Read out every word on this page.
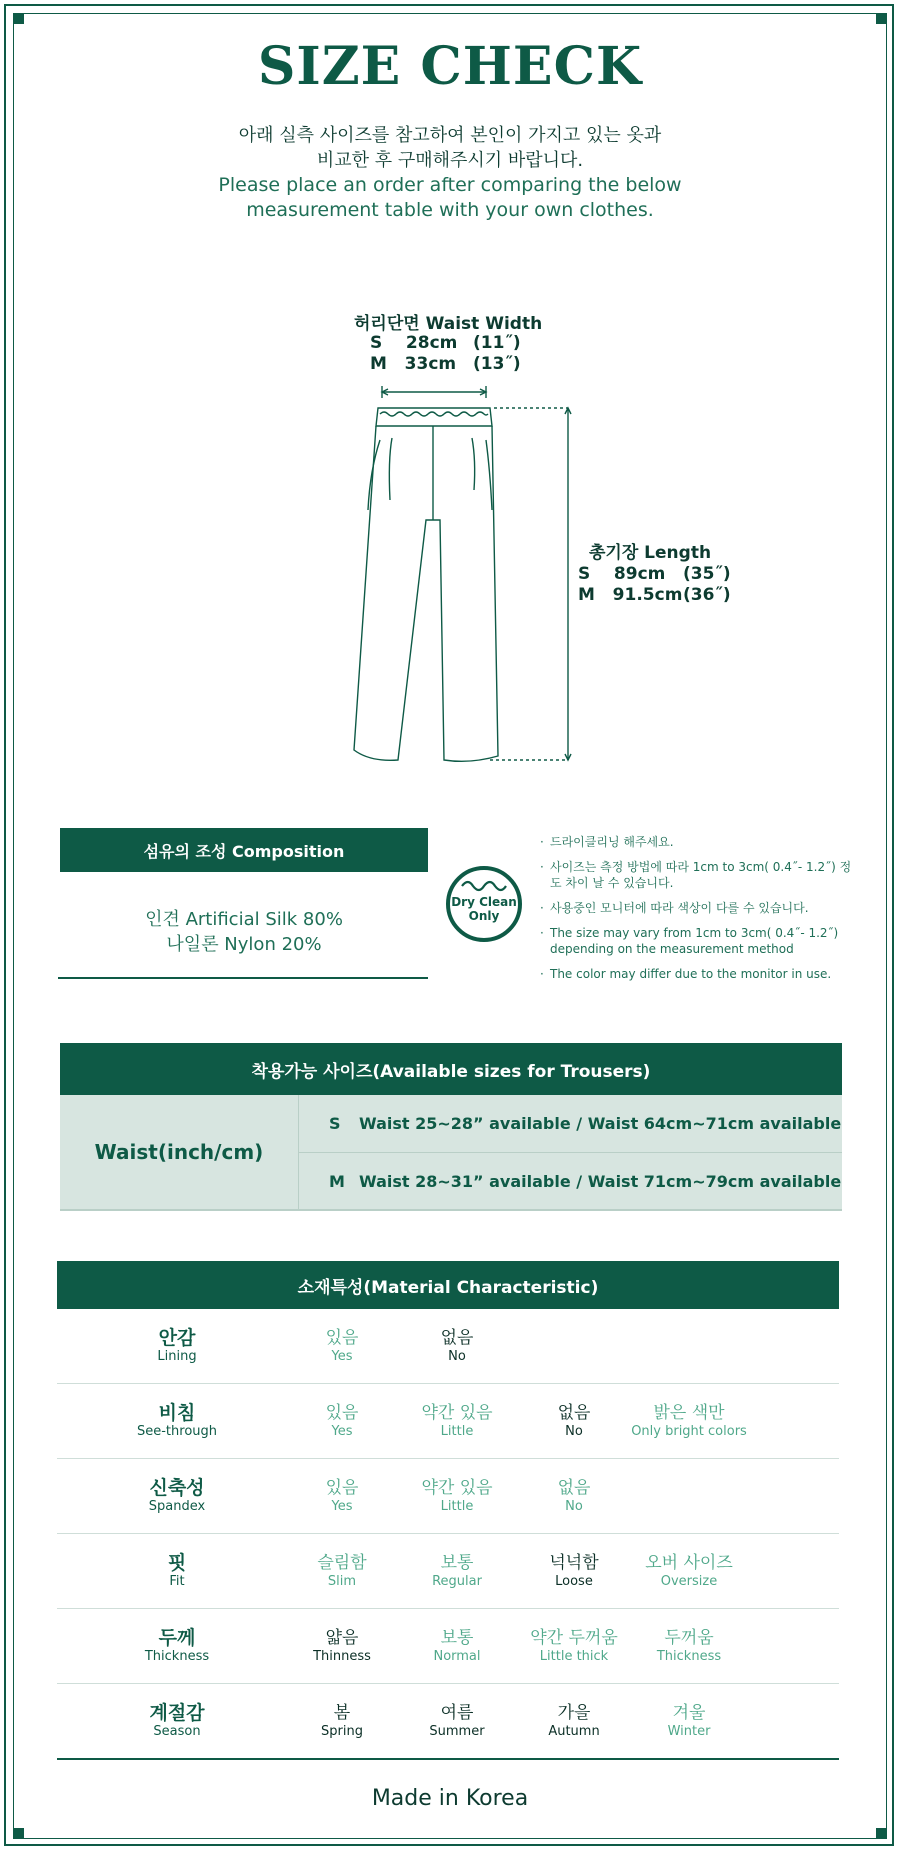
SIZE CHECK
아래 실측 사이즈를 참고하여 본인이 가지고 있는 옷과
비교한 후 구매해주시기 바랍니다.
Please place an order after comparing the below
measurement table with your own clothes.
허리단면 Waist Width
S    28cm (11˝)
M   33cm (13˝)
총기장 Length
S    89cm (35˝)
M   91.5cm (36˝)
섬유의 조성 Composition
인견 Artificial Silk 80%
나일론 Nylon 20%
Dry Clean
Only
· 드라이클리닝 해주세요.
· 사이즈는 측정 방법에 따라 1cm to 3cm( 0.4˝- 1.2˝) 정도 차이 날 수 있습니다.
· 사용중인 모니터에 따라 색상이 다를 수 있습니다.
· The size may vary from 1cm to 3cm( 0.4˝- 1.2˝) depending on the measurement method
· The color may differ due to the monitor in use.
착용가능 사이즈(Available sizes for Trousers)
Waist(inch/cm)
S	Waist 25~28” available / Waist 64cm~71cm available
M Waist 28~31” available / Waist 71cm~79cm available
소재특성(Material Characteristic)
안감
Lining
있음
Yes
없음
No
비침
See-through
있음
Yes
약간 있음
Little
없음
No
밝은 색만
Only bright colors
신축성
Spandex
있음
Yes
약간 있음
Little
없음
No
핏
Fit
슬림함
Slim
보통
Regular
넉넉함
Loose
오버 사이즈
Oversize
두께
Thickness
얇음
Thinness
보통
Normal
약간 두꺼움
Little thick
두꺼움
Thickness
계절감
Season
봄
Spring
여름
Summer
가을
Autumn
겨울
Winter
Made in Korea
